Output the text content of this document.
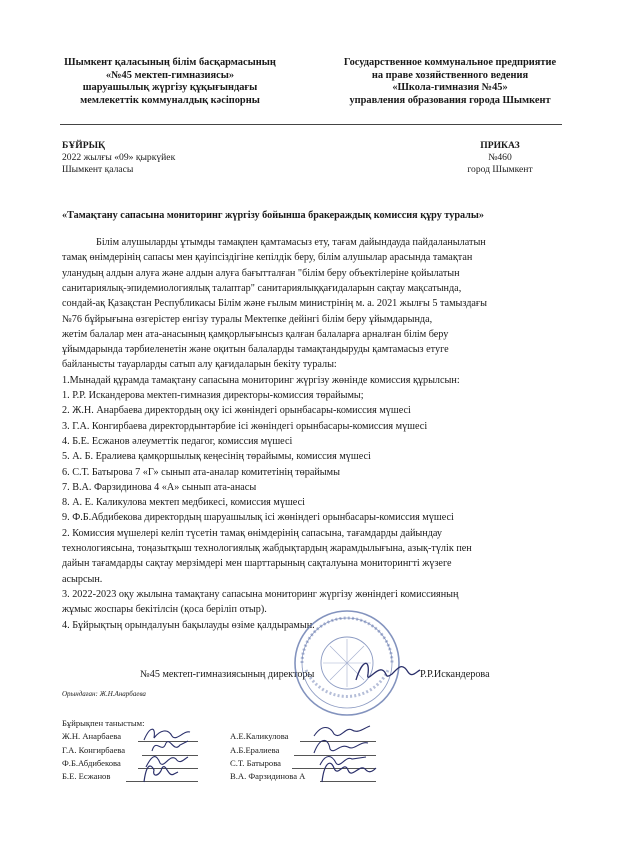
Шымкент қаласының білім басқармасының
«№45 мектеп-гимназиясы»
шаруашылық жүргізу құқығындағы
мемлекеттік коммуналдық кәсіпорны
Государственное коммунальное предприятие
на праве хозяйственного ведения
«Школа-гимназия №45»
управления образования города Шымкент
БҰЙРЫҚ
2022 жылғы «09» қыркүйек
Шымкент қаласы
ПРИКАЗ
№460
город Шымкент
«Тамақтану сапасына мониторинг жүргізу бойынша бракераждық комиссия құру туралы»
Білім алушыларды ұтымды тамақпен қамтамасыз ету, тағам дайындауда пайдаланылатын
тамақ өнімдерінің сапасы мен қауіпсіздігіне кепілдік беру, білім алушылар арасында тамақтан
уланудың алдын алуға және алдын алуға бағытталған "білім беру объектілеріне қойылатын
санитариялық-эпидемиологиялық талаптар" санитариялыққағидаларын сақтау мақсатында,
сондай-ақ Қазақстан Республикасы Білім және ғылым министрінің м. а. 2021 жылғы 5 тамыздағы
№76 бұйрығына өзгерістер енгізу туралы Мектепке дейінгі білім беру ұйымдарында,
жетім балалар мен ата-анасының қамқорлығынсыз қалған балаларға арналған білім беру
ұйымдарында тәрбиеленетін және оқитын балаларды тамақтандыруды қамтамасыз етуге
байланысты тауарларды сатып алу қағидаларын бекіту туралы:
1.Мынадай құрамда тамақтану сапасына мониторинг жүргізу жөнінде комиссия құрылсын:
1. Р.Р. Искандерова мектеп-гимназия директоры-комиссия төрайымы;
2. Ж.Н. Анарбаева директордың оқу ісі жөніндегі орынбасары-комиссия мүшесі
3. Г.А. Конгирбаева директордынтәрбие ісі жөніндегі орынбасары-комиссия мүшесі
4. Б.Е. Есжанов әлеуметтік педагог, комиссия мүшесі
5. А. Б. Ералиева қамқоршылық кеңесінің төрайымы, комиссия мүшесі
6. С.Т. Батырова 7 «Г» сынып ата-аналар комитетінің төрайымы
7. В.А. Фарзидинова 4 «А» сынып ата-анасы
8. А. Е. Каликулова мектеп медбикесі, комиссия мүшесі
9. Ф.Б.Абдибекова директордың шаруашылық ісі жөніндегі орынбасары-комиссия мүшесі
2. Комиссия мүшелері келіп түсетін тамақ өнімдерінің сапасына, тағамдарды дайындау
технологиясына, тоңазытқыш технологиялық жабдықтардың жарамдылығына, азық-түлік пен
дайын тағамдарды сақтау мерзімдері мен шарттарының сақталуына мониторингті жүзеге
асырсын.
3. 2022-2023 оқу жылына тамақтану сапасына мониторинг жүргізу жөніндегі комиссияның
жұмыс жоспары бекітілсін (қоса беріліп отыр).
4. Бұйрықтың орындалуын бақылауды өзіме қалдырамын.
№45 мектеп-гимназиясының директоры	Р.Р.Искандерова
Орындаған: Ж.Н.Анарбаева
Бұйрықпен таныстым:
Ж.Н. Анарбаева
Г.А. Конгирбаева
Ф.Б.Абдибекова
Б.Е. Есжанов
А.Е.Каликулова
А.Б.Ералиева
С.Т. Батырова
В.А. Фарзидинова А
